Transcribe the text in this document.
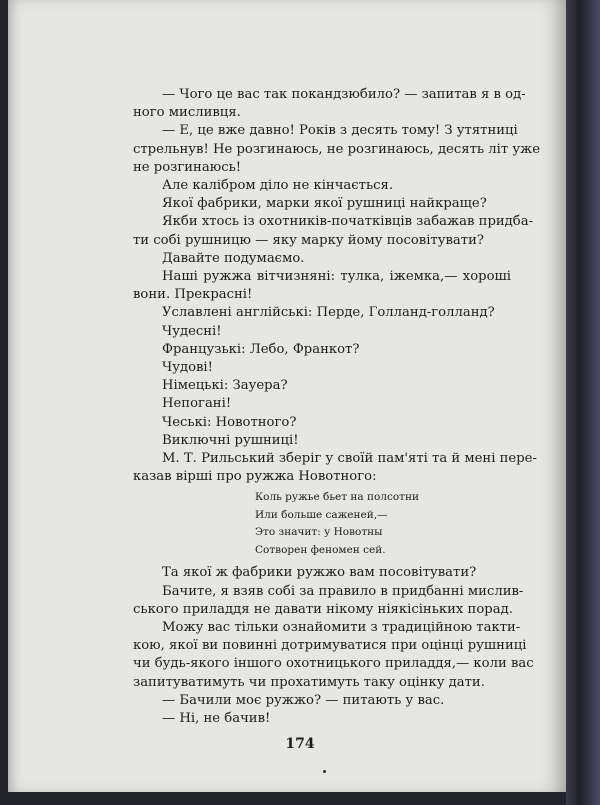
— Чого це вас так покандзюбило? — запитав я в од-
ного мисливця.
— Е, це вже давно! Років з десять тому! З утятниці
стрельнув! Не розгинаюсь, не розгинаюсь, десять літ уже
не розгинаюсь!
Але калібром діло не кінчається.
Якої фабрики, марки якої рушниці найкраще?
Якби хтось із охотників-початківців забажав придба-
ти собі рушницю — яку марку йому посовітувати?
Давайте подумаємо.
Наші ружжа вітчизняні: тулка, іжемка,— хороші
вони. Прекрасні!
Уславлені англійські: Перде, Голланд-голланд?
Чудесні!
Французькі: Лебо, Франкот?
Чудові!
Німецькі: Зауера?
Непогані!
Чеські: Новотного?
Виключні рушниці!
М. Т. Рильський зберіг у своїй пам'яті та й мені пере-
казав вірші про ружжа Новотного:
Коль ружье бьет на полсотни
Или больше саженей,—
Это значит: у Новотны
Сотворен феномен сей.
Та якої ж фабрики ружжо вам посовітувати?
Бачите, я взяв собі за правило в придбанні мислив-
ського приладдя не давати нікому ніякісіньких порад.
Можу вас тільки ознайомити з традиційною такти-
кою, якої ви повинні дотримуватися при оцінці рушниці
чи будь-якого іншого охотницького приладдя,— коли вас
запитуватимуть чи прохатимуть таку оцінку дати.
— Бачили моє ружжо? — питають у вас.
— Ні, не бачив!
174
